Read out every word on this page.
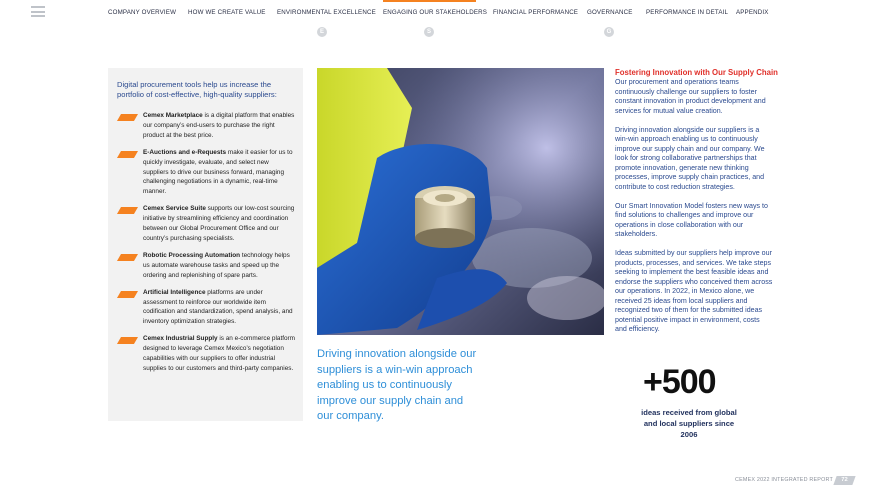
COMPANY OVERVIEW HOW WE CREATE VALUE ENVIRONMENTAL EXCELLENCE ENGAGING OUR STAKEHOLDERS FINANCIAL PERFORMANCE GOVERNANCE PERFORMANCE IN DETAIL APPENDIX
E	S	G
Digital procurement tools help us increase the portfolio of cost-effective, high-quality suppliers:
Cemex Marketplace is a digital platform that enables our company’s end-users to purchase the right product at the best price.
E-Auctions and e-Requests make it easier for us to quickly investigate, evaluate, and select new suppliers to drive our business forward, managing challenging negotiations in a dynamic, real-time manner.
Cemex Service Suite supports our low-cost sourcing initiative by streamlining efficiency and coordination between our Global Procurement Office and our country’s purchasing specialists.
Robotic Processing Automation technology helps us automate warehouse tasks and speed up the ordering and replenishing of spare parts.
Artificial Intelligence platforms are under assessment to reinforce our worldwide item codification and standardization, spend analysis, and inventory optimization strategies.
Cemex Industrial Supply is an e-commerce platform designed to leverage Cemex Mexico’s negotiation capabilities with our suppliers to offer industrial supplies to our customers and third-party companies.
Driving innovation alongside our suppliers is a win-win approach enabling us to continuously improve our supply chain and our company.
Fostering Innovation with Our Supply Chain

Our procurement and operations teams continuously challenge our suppliers to foster constant innovation in product development and services for mutual value creation.

Driving innovation alongside our suppliers is a win-win approach enabling us to continuously improve our supply chain and our company. We look for strong collaborative partnerships that promote innovation, generate new thinking processes, improve supply chain practices, and contribute to cost reduction strategies.

Our Smart Innovation Model fosters new ways to find solutions to challenges and improve our operations in close collaboration with our stakeholders.

Ideas submitted by our suppliers help improve our products, processes, and services. We take steps seeking to implement the best feasible ideas and endorse the suppliers who conceived them across our operations. In 2022, in Mexico alone, we received 25 ideas from local suppliers and recognized two of them for the submitted ideas potential positive impact in environment, costs and efficiency.

+500
ideas received from global and local suppliers since 2006
CEMEX 2022 INTEGRATED REPORT	72
